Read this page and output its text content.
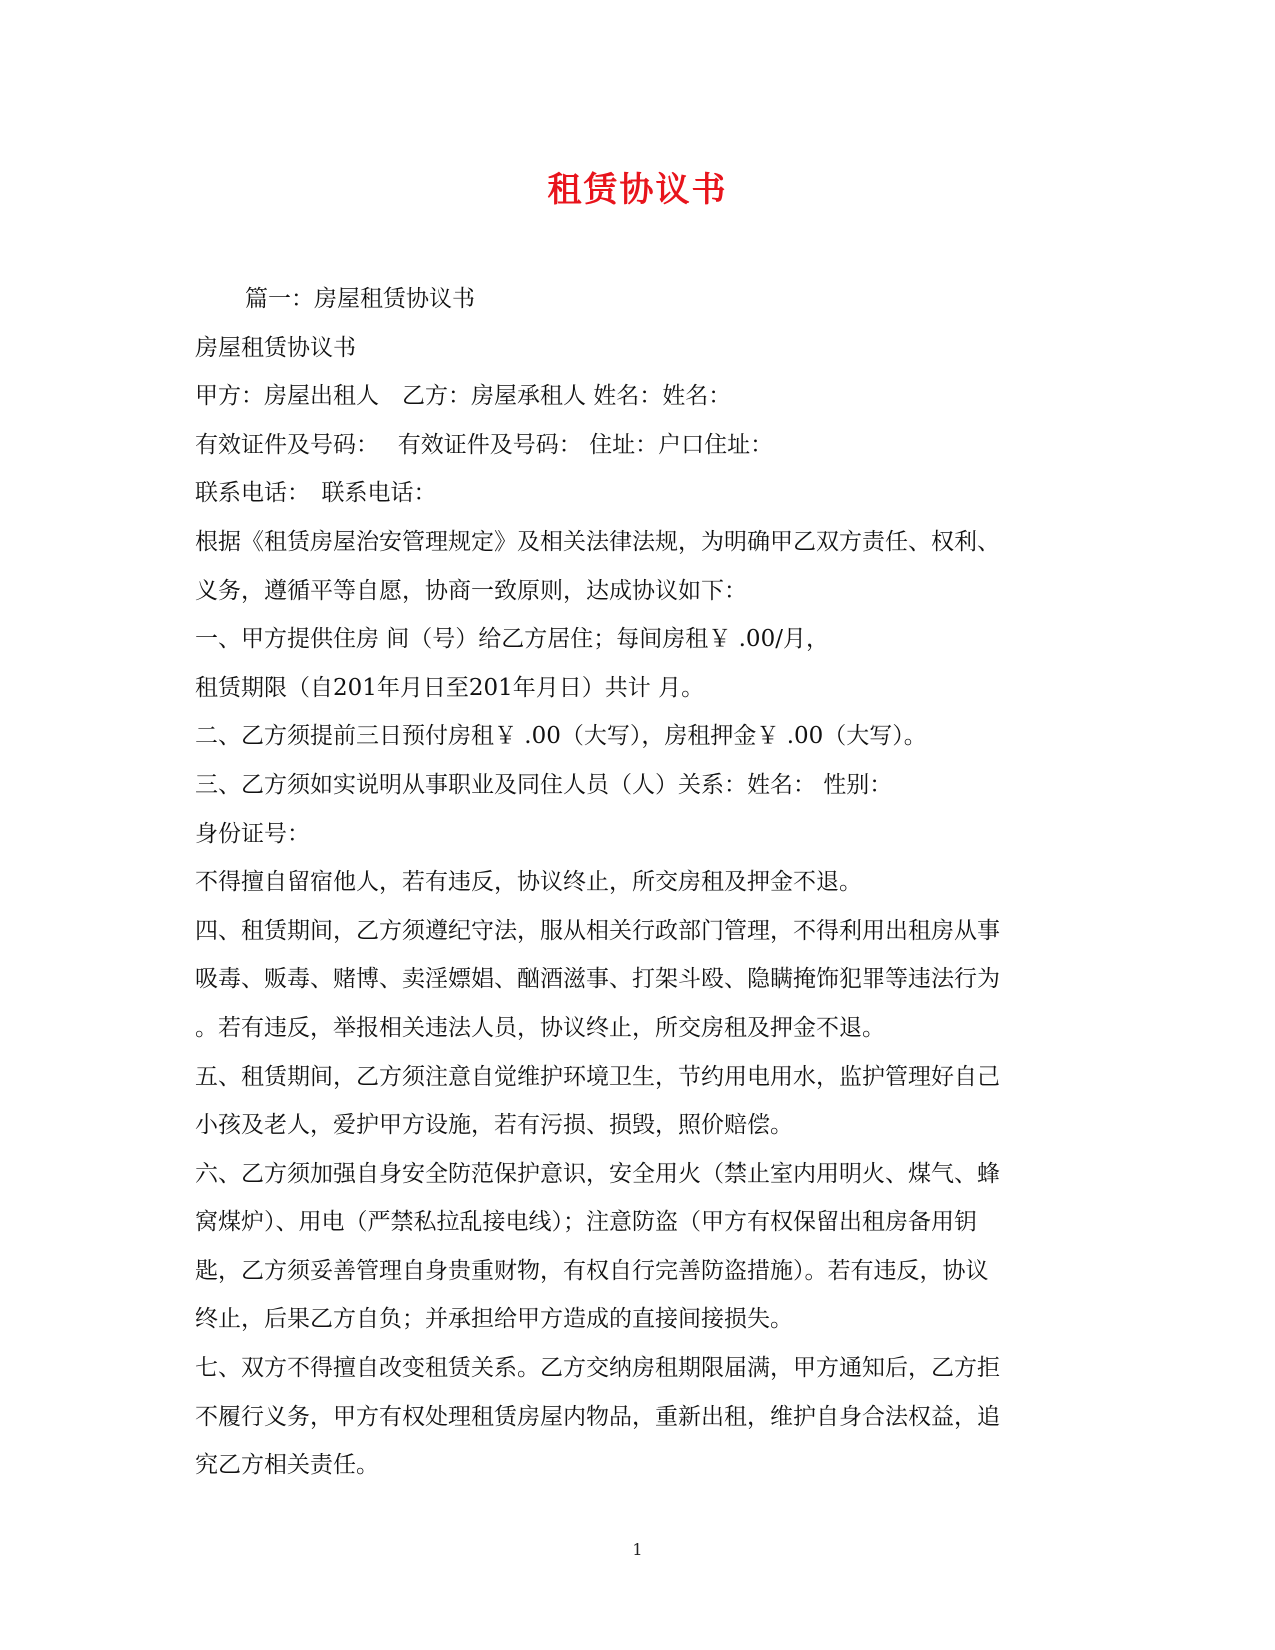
租赁协议书
篇一：房屋租赁协议书
房屋租赁协议书
甲方：房屋出租人　乙方：房屋承租人 姓名：姓名：
有效证件及号码：　 有效证件及号码： 住址：户口住址：
联系电话：　联系电话：
根据《租赁房屋治安管理规定》及相关法律法规，为明确甲乙双方责任、权利、
义务，遵循平等自愿，协商一致原则，达成协议如下：
一、甲方提供住房 间（号）给乙方居住；每间房租￥ .00/月，
租赁期限（自201年月日至201年月日）共计 月。
二、乙方须提前三日预付房租￥ .00（大写），房租押金￥ .00（大写）。
三、乙方须如实说明从事职业及同住人员（人）关系：姓名： 性别：
身份证号：
不得擅自留宿他人，若有违反，协议终止，所交房租及押金不退。
四、租赁期间，乙方须遵纪守法，服从相关行政部门管理，不得利用出租房从事
吸毒、贩毒、赌博、卖淫嫖娼、酗酒滋事、打架斗殴、隐瞒掩饰犯罪等违法行为
。若有违反，举报相关违法人员，协议终止，所交房租及押金不退。
五、租赁期间，乙方须注意自觉维护环境卫生，节约用电用水，监护管理好自己
小孩及老人，爱护甲方设施，若有污损、损毁，照价赔偿。
六、乙方须加强自身安全防范保护意识，安全用火（禁止室内用明火、煤气、蜂
窝煤炉）、用电（严禁私拉乱接电线）；注意防盗（甲方有权保留出租房备用钥
匙，乙方须妥善管理自身贵重财物，有权自行完善防盗措施）。若有违反，协议
终止，后果乙方自负；并承担给甲方造成的直接间接损失。
七、双方不得擅自改变租赁关系。乙方交纳房租期限届满，甲方通知后，乙方拒
不履行义务，甲方有权处理租赁房屋内物品，重新出租，维护自身合法权益，追
究乙方相关责任。
1
